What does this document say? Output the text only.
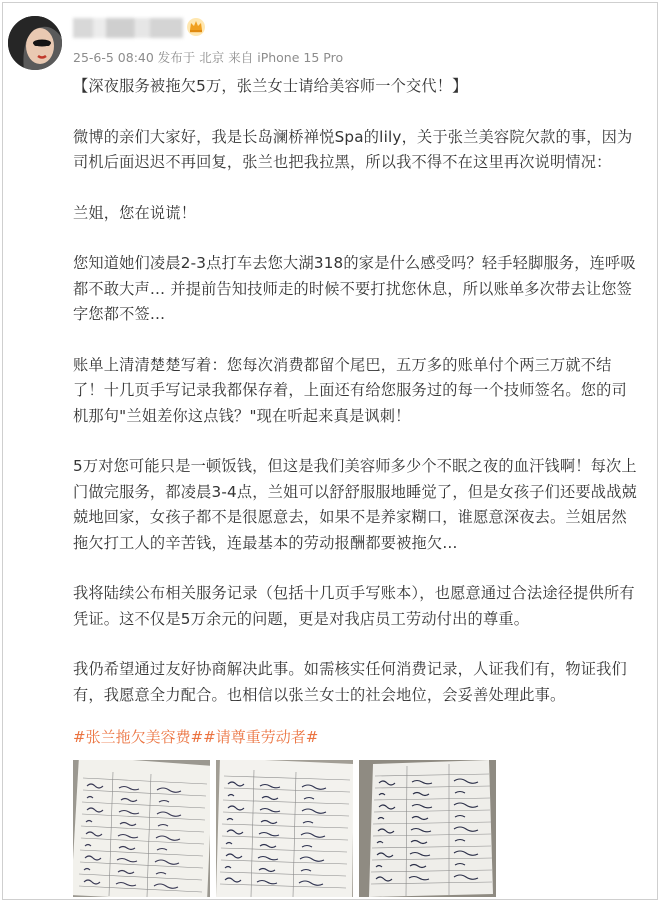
25-6-5 08:40 发布于 北京 来自 iPhone 15 Pro

【深夜服务被拖欠5万，张兰女士请给美容师一个交代！】

微博的亲们大家好，我是长岛澜桥禅悦Spa的lily，关于张兰美容院欠款的事，因为司机后面迟迟不再回复，张兰也把我拉黑，所以我不得不在这里再次说明情况：

兰姐，您在说谎！

您知道她们凌晨2-3点打车去您大湖318的家是什么感受吗？轻手轻脚服务，连呼吸都不敢大声… 并提前告知技师走的时候不要打扰您休息，所以账单多次带去让您签字您都不签…

账单上清清楚楚写着：您每次消费都留个尾巴，五万多的账单付个两三万就不结了！十几页手写记录我都保存着，上面还有给您服务过的每一个技师签名。您的司机那句"兰姐差你这点钱？"现在听起来真是讽刺！

5万对您可能只是一顿饭钱，但这是我们美容师多少个不眠之夜的血汗钱啊！每次上门做完服务，都凌晨3-4点，兰姐可以舒舒服服地睡觉了，但是女孩子们还要战战兢兢地回家，女孩子都不是很愿意去，如果不是养家糊口，谁愿意深夜去。兰姐居然拖欠打工人的辛苦钱，连最基本的劳动报酬都要被拖欠…

我将陆续公布相关服务记录（包括十几页手写账本），也愿意通过合法途径提供所有凭证。这不仅是5万余元的问题，更是对我店员工劳动付出的尊重。

我仍希望通过友好协商解决此事。如需核实任何消费记录，人证我们有，物证我们有，我愿意全力配合。也相信以张兰女士的社会地位，会妥善处理此事。

#张兰拖欠美容费##请尊重劳动者#
